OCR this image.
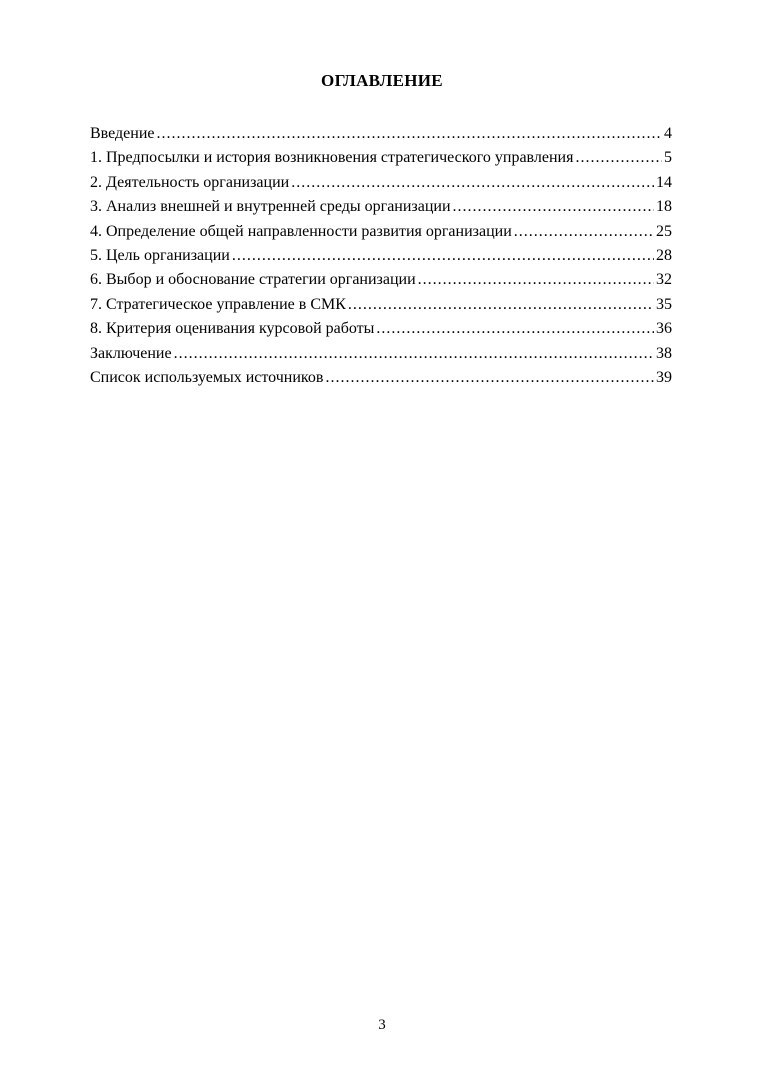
ОГЛАВЛЕНИЕ
Введение .....	4
1. Предпосылки и история возникновения стратегического управления .....	5
2. Деятельность организации .....	14
3. Анализ внешней и внутренней среды организации .....	18
4. Определение общей направленности развития организации .....	25
5. Цель организации .....	28
6. Выбор и обоснование стратегии организации .....	32
7. Стратегическое управление в СМК .....	35
8. Критерия оценивания курсовой работы .....	36
Заключение .....	38
Список используемых источников .....	39
3
